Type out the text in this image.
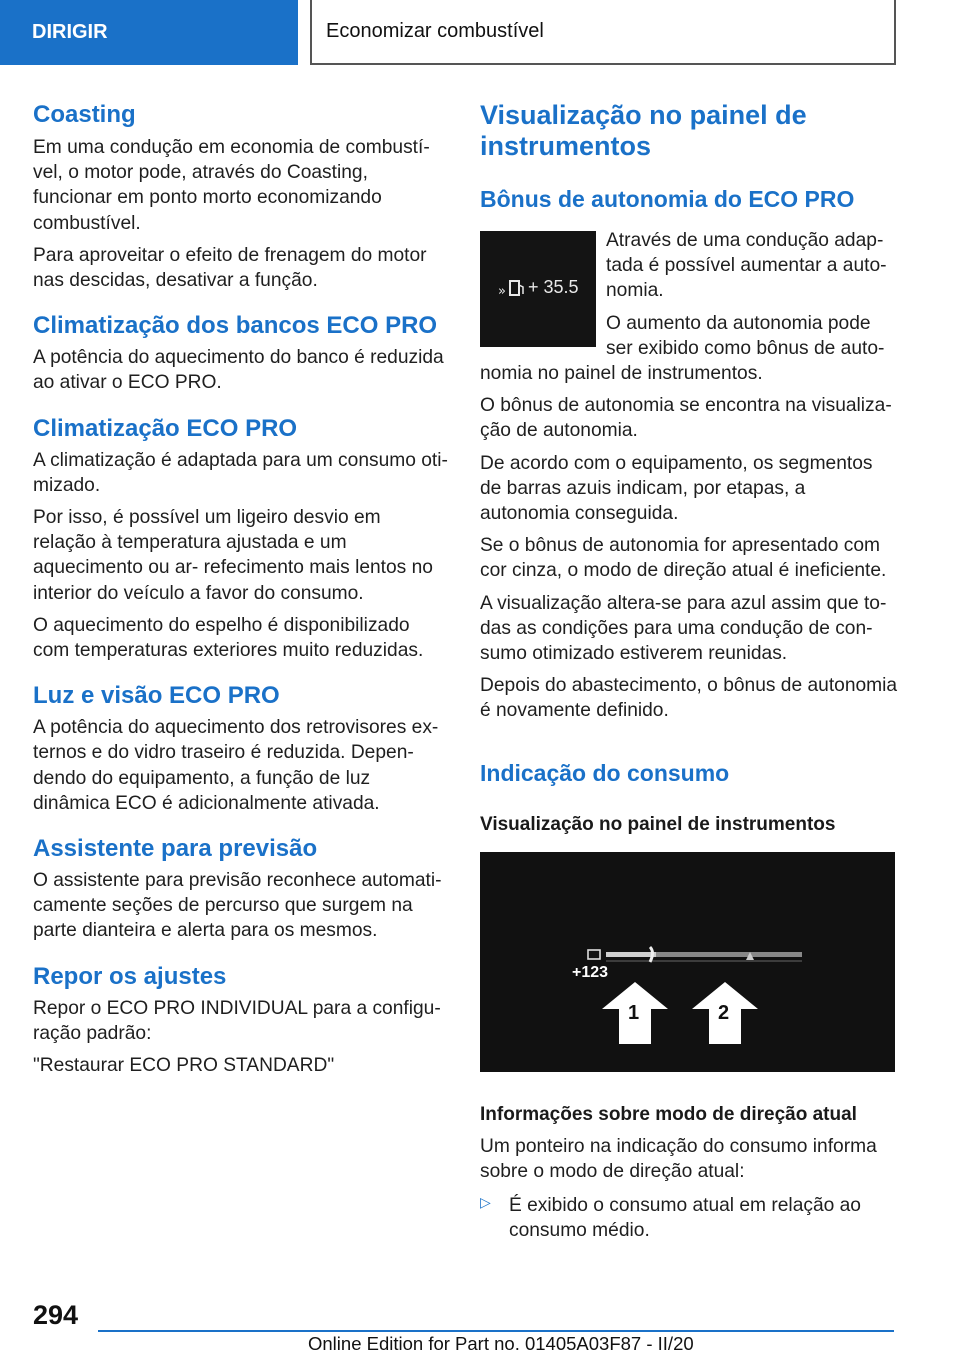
DIRIGIR	Economizar combustível
Coasting

Em uma condução em economia de combustí- vel, o motor pode, através do Coasting, funcionar em ponto morto economizando combustível.

Para aproveitar o efeito de frenagem do motor nas descidas, desativar a função.

Climatização dos bancos ECO PRO

A potência do aquecimento do banco é reduzida ao ativar o ECO PRO.

Climatização ECO PRO

A climatização é adaptada para um consumo oti- mizado.

Por isso, é possível um ligeiro desvio em relação à temperatura ajustada e um aquecimento ou ar- refecimento mais lentos no interior do veículo a favor do consumo.

O aquecimento do espelho é disponibilizado com temperaturas exteriores muito reduzidas.

Luz e visão ECO PRO

A potência do aquecimento dos retrovisores ex- ternos e do vidro traseiro é reduzida. Depen- dendo do equipamento, a função de luz dinâmica ECO é adicionalmente ativada.

Assistente para previsão

O assistente para previsão reconhece automati- camente seções de percurso que surgem na parte dianteira e alerta para os mesmos.

Repor os ajustes

Repor o ECO PRO INDIVIDUAL para a configu- ração padrão:

"Restaurar ECO PRO STANDARD"

Visualização no painel de instrumentos
Bônus de autonomia do ECO PRO
» + 35.5

Através de uma condução adap- tada é possível aumentar a auto- nomia.

O aumento da autonomia pode ser exibido como bônus de auto- nomia no painel de instrumentos.

O bônus de autonomia se encontra na visualiza- ção de autonomia.

De acordo com o equipamento, os segmentos de barras azuis indicam, por etapas, a autonomia conseguida.

Se o bônus de autonomia for apresentado com cor cinza, o modo de direção atual é ineficiente.

A visualização altera-se para azul assim que to- das as condições para uma condução de con- sumo otimizado estiverem reunidas.

Depois do abastecimento, o bônus de autonomia é novamente definido.

Indicação do consumo
Visualização no painel de instrumentos
+123
1	2
Informações sobre modo de direção atual

Um ponteiro na indicação do consumo informa sobre o modo de direção atual:

▷ É exibido o consumo atual em relação ao consumo médio.

294
Online Edition for Part no. 01405A03F87 - II/20
